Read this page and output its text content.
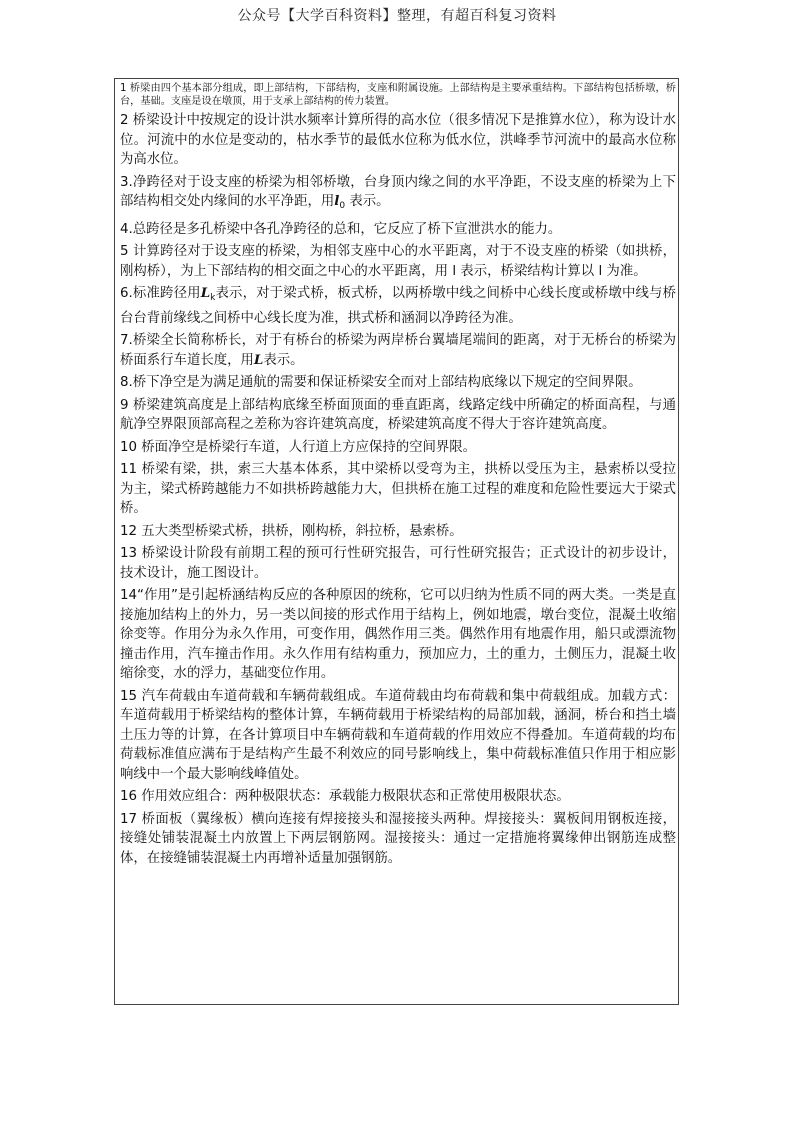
公众号【大学百科资料】整理，有超百科复习资料

1 桥梁由四个基本部分组成，即上部结构，下部结构，支座和附属设施。上部结构是主要承重结构。下部结构包括桥墩，桥台，基础。支座是设在墩顶，用于支承上部结构的传力装置。

2 桥梁设计中按规定的设计洪水频率计算所得的高水位（很多情况下是推算水位），称为设计水位。河流中的水位是变动的，枯水季节的最低水位称为低水位，洪峰季节河流中的最高水位称为高水位。

3.净跨径对于设支座的桥梁为相邻桥墩，台身顶内缘之间的水平净距，不设支座的桥梁为上下部结构相交处内缘间的水平净距，用$l_0$ 表示。

4.总跨径是多孔桥梁中各孔净跨径的总和，它反应了桥下宣泄洪水的能力。

5 计算跨径对于设支座的桥梁，为相邻支座中心的水平距离，对于不设支座的桥梁（如拱桥，刚构桥），为上下部结构的相交面之中心的水平距离，用 l 表示，桥梁结构计算以 l 为准。

6.标准跨径用$L_k$表示，对于梁式桥，板式桥，以两桥墩中线之间桥中心线长度或桥墩中线与桥台台背前缘线之间桥中心线长度为准，拱式桥和涵洞以净跨径为准。

7.桥梁全长简称桥长，对于有桥台的桥梁为两岸桥台翼墙尾端间的距离，对于无桥台的桥梁为桥面系行车道长度，用L表示。

8.桥下净空是为满足通航的需要和保证桥梁安全而对上部结构底缘以下规定的空间界限。

9 桥梁建筑高度是上部结构底缘至桥面顶面的垂直距离，线路定线中所确定的桥面高程，与通航净空界限顶部高程之差称为容许建筑高度，桥梁建筑高度不得大于容许建筑高度。

10 桥面净空是桥梁行车道，人行道上方应保持的空间界限。

11 桥梁有梁，拱，索三大基本体系，其中梁桥以受弯为主，拱桥以受压为主，悬索桥以受拉为主，梁式桥跨越能力不如拱桥跨越能力大，但拱桥在施工过程的难度和危险性要远大于梁式桥。

12 五大类型桥梁式桥，拱桥，刚构桥，斜拉桥，悬索桥。

13 桥梁设计阶段有前期工程的预可行性研究报告，可行性研究报告；正式设计的初步设计，技术设计，施工图设计。

14“作用”是引起桥涵结构反应的各种原因的统称，它可以归纳为性质不同的两大类。一类是直接施加结构上的外力，另一类以间接的形式作用于结构上，例如地震，墩台变位，混凝土收缩徐变等。作用分为永久作用，可变作用，偶然作用三类。偶然作用有地震作用，船只或漂流物撞击作用，汽车撞击作用。永久作用有结构重力，预加应力，土的重力，土侧压力，混凝土收缩徐变，水的浮力，基础变位作用。

15 汽车荷载由车道荷载和车辆荷载组成。车道荷载由均布荷载和集中荷载组成。加载方式：车道荷载用于桥梁结构的整体计算，车辆荷载用于桥梁结构的局部加载，涵洞，桥台和挡土墙土压力等的计算，在各计算项目中车辆荷载和车道荷载的作用效应不得叠加。车道荷载的均布荷载标准值应满布于是结构产生最不利效应的同号影响线上，集中荷载标准值只作用于相应影响线中一个最大影响线峰值处。

16 作用效应组合：两种极限状态：承载能力极限状态和正常使用极限状态。

17 桥面板（翼缘板）横向连接有焊接接头和湿接接头两种。焊接接头：翼板间用钢板连接，接缝处铺装混凝土内放置上下两层钢筋网。湿接接头：通过一定措施将翼缘伸出钢筋连成整体，在接缝铺装混凝土内再增补适量加强钢筋。
